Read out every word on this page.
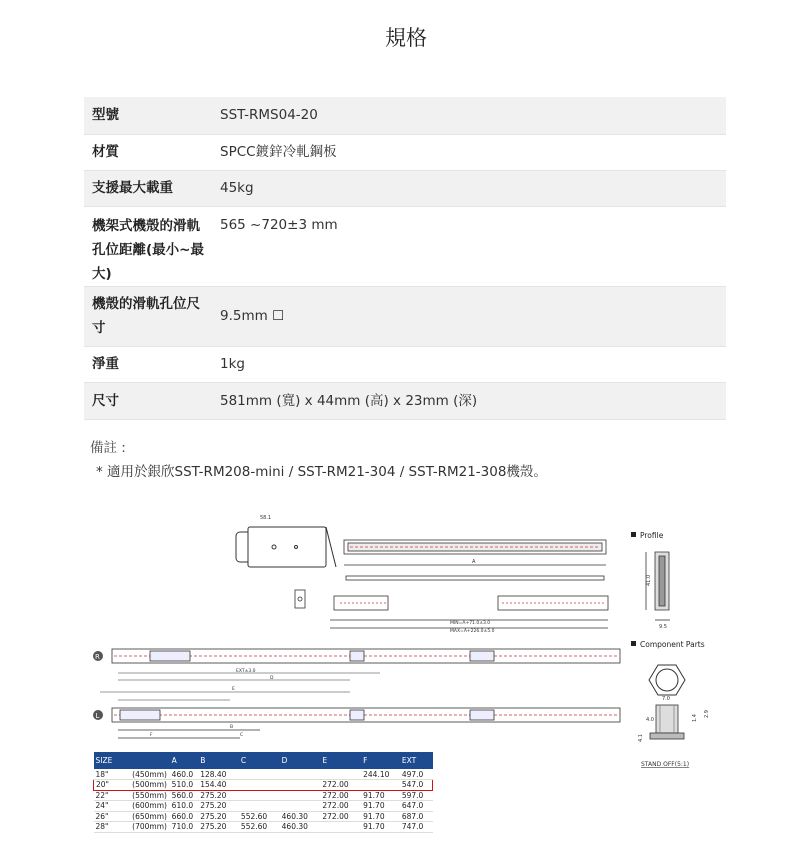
規格
型號	SST-RMS04-20
材質	SPCC鍍鋅冷軋鋼板
支援最大載重	45kg
機架式機殼的滑軌孔位距離(最小~最大)	565 ~720±3 mm
機殼的滑軌孔位尺寸	9.5mm ☐
淨重	1kg
尺寸	581mm (寬) x 44mm (高) x 23mm (深)
備註 :
* 適用於銀欣SST-RM208-mini / SST-RM21-304 / SST-RM21-308機殼。
58.1
A
MIN=A+71.0±3.0
MAX=A+226.0±5.0
Profile
41.0
9.5
Component Parts
R
EXT±3.0
D
E
L
B
C
F
7.0
4.0
2.9
1.4
4.1
STAND OFF(5:1)
SIZE		A	B	C	D	E	F	EXT
18"	(450mm)	460.0	128.40				244.10	497.0
20"	(500mm)	510.0	154.40			272.00		547.0
22"	(550mm)	560.0	275.20			272.00	91.70	597.0
24"	(600mm)	610.0	275.20			272.00	91.70	647.0
26"	(650mm)	660.0	275.20	552.60	460.30	272.00	91.70	687.0
28"	(700mm)	710.0	275.20	552.60	460.30		91.70	747.0
